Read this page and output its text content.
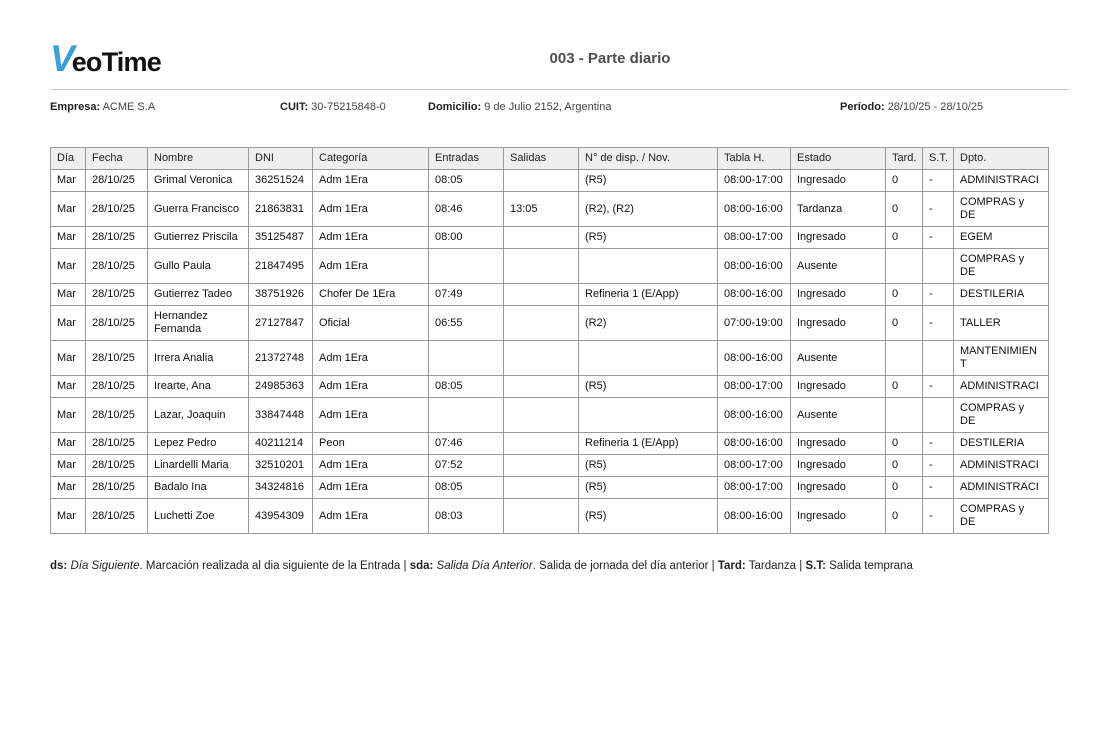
V eoTime	003 - Parte diario
Empresa: ACME S.A	CUIT: 30-75215848-0	Domicilio: 9 de Julio 2152, Argentina	Período: 28/10/25 - 28/10/25
Día	Fecha	Nombre	DNI	Categoría	Entradas	Salidas	N° de disp. / Nov.	Tabla H.	Estado	Tard.	S.T.	Dpto.
Mar	28/10/25	Grimal Veronica	36251524	Adm 1Era	08:05		(R5)	08:00-17:00	Ingresado	0	-	ADMINISTRACI
Mar	28/10/25	Guerra Francisco	21863831	Adm 1Era	08:46	13:05	(R2), (R2)	08:00-16:00	Tardanza	0	-	COMPRAS y DE
Mar	28/10/25	Gutierrez Priscila	35125487	Adm 1Era	08:00		(R5)	08:00-17:00	Ingresado	0	-	EGEM
Mar	28/10/25	Gullo Paula	21847495	Adm 1Era				08:00-16:00	Ausente			COMPRAS y DE
Mar	28/10/25	Gutierrez Tadeo	38751926	Chofer De 1Era	07:49		Refineria 1 (E/App)	08:00-16:00	Ingresado	0	-	DESTILERIA
Mar	28/10/25	Hernandez Fernanda	27127847	Oficial	06:55		(R2)	07:00-19:00	Ingresado	0	-	TALLER
Mar	28/10/25	Irrera Analia	21372748	Adm 1Era				08:00-16:00	Ausente			MANTENIMIENT
Mar	28/10/25	Irearte, Ana	24985363	Adm 1Era	08:05		(R5)	08:00-17:00	Ingresado	0	-	ADMINISTRACI
Mar	28/10/25	Lazar, Joaquin	33847448	Adm 1Era				08:00-16:00	Ausente			COMPRAS y DE
Mar	28/10/25	Lepez Pedro	40211214	Peon	07:46		Refineria 1 (E/App)	08:00-16:00	Ingresado	0	-	DESTILERIA
Mar	28/10/25	Linardelli Maria	32510201	Adm 1Era	07:52		(R5)	08:00-17:00	Ingresado	0	-	ADMINISTRACI
Mar	28/10/25	Badalo Ina	34324816	Adm 1Era	08:05		(R5)	08:00-17:00	Ingresado	0	-	ADMINISTRACI
Mar	28/10/25	Luchetti Zoe	43954309	Adm 1Era	08:03		(R5)	08:00-16:00	Ingresado	0	-	COMPRAS y DE

ds: Día Siguiente. Marcación realizada al dia siguiente de la Entrada | sda: Salida Día Anterior. Salida de jornada del día anterior | Tard: Tardanza | S.T: Salida temprana
